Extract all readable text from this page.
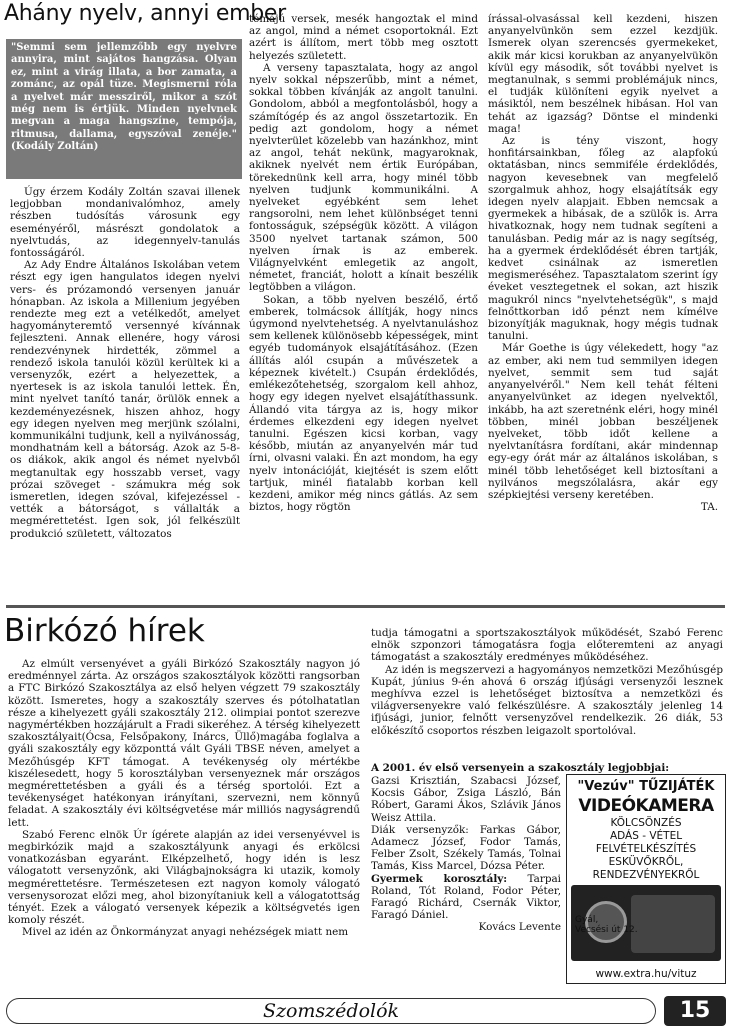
Ahány nyelv, annyi ember
"Semmi sem jellemzőbb egy nyelvre annyira, mint sajátos hangzása. Olyan ez, mint a virág illata, a bor zamata, a zománc, az opál tüze. Megismerni róla a nyelvet már messziről, mikor a szót még nem is értjük. Minden nyelvnek megvan a maga hangszíne, tempója, ritmusa, dallama, egyszóval zenéje." (Kodály Zoltán)

Úgy érzem Kodály Zoltán szavai illenek legjobban mondanivalómhoz, amely részben tudósítás városunk egy eseményéről, másrészt gondolatok a nyelvtudás, az idegennyelv-tanulás fontosságáról.

Az Ady Endre Általános Iskolában vetem részt egy igen hangulatos idegen nyelvi vers- és prózamondó versenyen január hónapban. Az iskola a Millenium jegyében rendezte meg ezt a vetélkedőt, amelyet hagyományteremtő versennyé kívánnak fejleszteni. Annak ellenére, hogy városi rendezvénynek hirdették, zömmel a rendező iskola tanulói közül kerültek ki a versenyzők, ezért a helyezettek, a nyertesek is az iskola tanulói lettek. Én, mint nyelvet tanító tanár, örülök ennek a kezdeményezésnek, hiszen ahhoz, hogy egy idegen nyelven meg merjünk szólalni, kommunikálni tudjunk, kell a nyilvánosság, mondhatnám kell a bátorság. Azok az 5-8-os diákok, akik angol és német nyelvből megtanultak egy hosszabb verset, vagy prózai szöveget - számukra még sok ismeretlen, idegen szóval, kifejezéssel - vették a bátorságot, s vállalták a megmérettetést. Igen sok, jól felkészült produkció született, változatos

témájú versek, mesék hangoztak el mind az angol, mind a német csoportoknál. Ezt azért is állítom, mert több meg osztott helyezés született.

A verseny tapasztalata, hogy az angol nyelv sokkal népszerűbb, mint a német, sokkal többen kívánják az angolt tanulni. Gondolom, abból a megfontolásból, hogy a számítógép és az angol összetartozik. En pedig azt gondolom, hogy a német nyelvterület közelebb van hazánkhoz, mint az angol, tehát nekünk, magyaroknak, akiknek nyelvét nem értik Európában, törekednünk kell arra, hogy minél több nyelven tudjunk kommunikálni. A nyelveket egyébként sem lehet rangsorolni, nem lehet különbséget tenni fontosságuk, szépségük között. A világon 3500 nyelvet tartanak számon, 500 nyelven írnak is az emberek. Világnyelvként emlegetik az angolt, németet, franciát, holott a kínait beszélik legtöbben a világon.

Sokan, a több nyelven beszélő, értő emberek, tolmácsok állítják, hogy nincs úgymond nyelvtehetség. A nyelvtanuláshoz sem kellenek különösebb képességek, mint egyéb tudományok elsajátításához. (Ezen állítás alól csupán a művészetek a képeznek kivételt.) Csupán érdeklődés, emlékezőtehetség, szorgalom kell ahhoz, hogy egy idegen nyelvet elsajátíthassunk. Állandó vita tárgya az is, hogy mikor érdemes elkezdeni egy idegen nyelvet tanulni. Egészen kicsi korban, vagy később, miután az anyanyelvén már tud írni, olvasni valaki. Én azt mondom, ha egy nyelv intonációját, kiejtését is szem előtt tartjuk, minél fiatalabb korban kell kezdeni, amikor még nincs gátlás. Az sem biztos, hogy rögtön

írással-olvasással kell kezdeni, hiszen anyanyelvünkön sem ezzel kezdjük. Ismerek olyan szerencsés gyermekeket, akik már kicsi korukban az anyanyelvükön kívül egy második, sőt további nyelvet is megtanulnak, s semmi problémájuk nincs, el tudják különíteni egyik nyelvet a másiktól, nem beszélnek hibásan. Hol van tehát az igazság? Döntse el mindenki maga!

Az is tény viszont, hogy honfitársainkban, főleg az alapfokú oktatásban, nincs semmiféle érdeklődés, nagyon kevesebnek van megfelelő szorgalmuk ahhoz, hogy elsajátítsák egy idegen nyelv alapjait. Ebben nemcsak a gyermekek a hibásak, de a szülők is. Arra hivatkoznak, hogy nem tudnak segíteni a tanulásban. Pedig már az is nagy segítség, ha a gyermek érdeklődését ébren tartják, kedvet csinálnak az ismeretlen megismeréséhez. Tapasztalatom szerint így éveket vesztegetnek el sokan, azt hiszik magukról nincs "nyelvtehetségük", s majd felnőttkorban idő pénzt nem kímélve bizonyítják maguknak, hogy mégis tudnak tanulni.

Már Goethe is úgy vélekedett, hogy "az az ember, aki nem tud semmilyen idegen nyelvet, semmit sem tud saját anyanyelvéről." Nem kell tehát félteni anyanyelvünket az idegen nyelvektől, inkább, ha azt szeretnénk eléri, hogy minél többen, minél jobban beszéljenek nyelveket, több időt kellene a nyelvtanításra fordítani, akár mindennap egy-egy órát már az általános iskolában, s minél több lehetőséget kell biztosítani a nyilvános megszólalásra, akár egy szépkiejtési verseny keretében.

TA.
Birkózó hírek

Az elmúlt versenyévet a gyáli Birkózó Szakosztály nagyon jó eredménnyel zárta. Az országos szakosztályok közötti rangsorban a FTC Birkózó Szakosztálya az első helyen végzett 79 szakosztály között. Ismeretes, hogy a szakosztály szerves és pótolhatatlan része a kihelyezett gyáli szakosztály 212. olimpiai pontot szerezve nagymértékben hozzájárult a Fradi sikeréhez. A térség kihelyezett szakosztályait(Ócsa, Felsőpakony, Inárcs, Üllő)magába foglalva a gyáli szakosztály egy központtá vált Gyáli TBSE néven, amelyet a Mezőhúsgép KFT támogat. A tevékenység oly mértékbe kiszélesedett, hogy 5 korosztályban versenyeznek már országos megmérettetésben a gyáli és a térség sportolói. Ezt a tevékenységet hatékonyan irányítani, szervezni, nem könnyű feladat. A szakosztály évi költségvetése már milliós nagyságrendű lett.

Szabó Ferenc elnök Úr ígérete alapján az idei versenyévvel is megbirkózik majd a szakosztályunk anyagi és erkölcsi vonatkozásban egyaránt. Elképzelhető, hogy idén is lesz válogatott versenyzőnk, aki Világbajnokságra ki utazik, komoly megmérettetésre. Természetesen ezt nagyon komoly válogató versenysorozat előzi meg, ahol bizonyítaniuk kell a válogatottság tényét. Ezek a válogató versenyek képezik a költségvetés igen komoly részét.

Mivel az idén az Önkormányzat anyagi nehézségek miatt nem

tudja támogatni a sportszakosztályok működését, Szabó Ferenc elnök szponzori támogatásra fogja előteremteni az anyagi támogatást a szakosztály eredményes működéséhez.

Az idén is megszervezi a hagyományos nemzetközi Mezőhúsgép Kupát, június 9-én ahová 6 ország ifjúsági versenyzői lesznek meghívva ezzel is lehetőséget biztosítva a nemzetközi és világversenyekre való felkészülésre. A szakosztály jelenleg 14 ifjúsági, junior, felnőtt versenyzővel rendelkezik. 26 diák, 53 előkészítő csoportos részben leigazolt sportolóval.

A 2001. év első versenyein a szakosztály legjobbjai:

Gazsi Krisztián, Szabacsi József, Kocsis Gábor, Zsiga László, Bán Róbert, Garami Ákos, Szlávik János Weisz Attila.

Diák versenyzők: Farkas Gábor, Adamecz József, Fodor Tamás, Felber Zsolt, Székely Tamás, Tolnai Tamás, Kiss Marcel, Dózsa Péter.

Gyermek korosztály: Tarpai Roland, Tót Roland, Fodor Péter, Faragó Richárd, Csernák Viktor, Faragó Dániel.

Kovács Levente
"Vezúv" TŰZIJÁTÉK
VIDEÓKAMERA
KÖLCSÖNZÉS
ADÁS - VÉTEL
FELVÉTELKÉSZÍTÉS
ESKÜVŐKRŐL,
RENDEZVÉNYEKRŐL
Gyál,
Vecsési út 12.
www.extra.hu/vituz
Szomszédolók	15
